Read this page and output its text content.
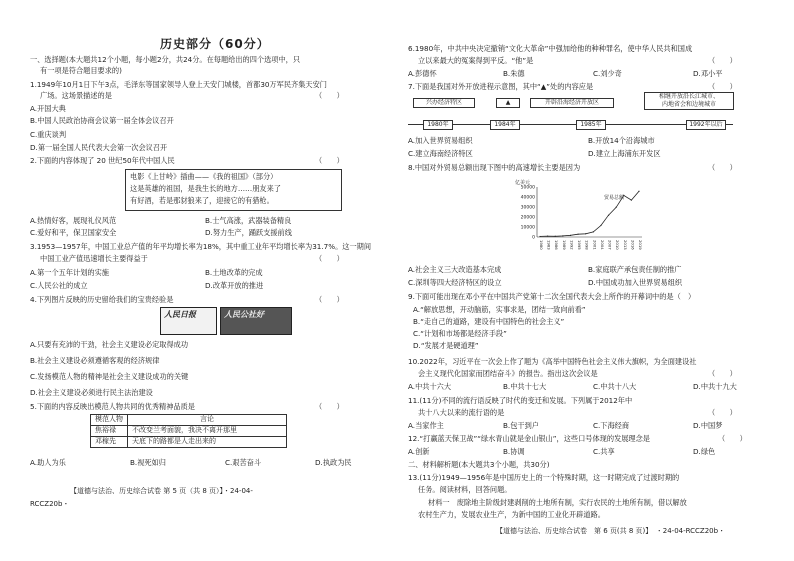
历史部分（60分）
一、选择题(本大题共12个小题，每小题2分，共24分。在每题给出的四个选项中，只
有一项是符合题目要求的)
1.1949年10月1日下午3点，毛泽东等国家领导人登上天安门城楼，首都30万军民齐集天安门
广场。这场景描述的是	（　　）
A.开国大典
B.中国人民政治协商会议第一届全体会议召开
C.重庆谈判
D.第一届全国人民代表大会第一次会议召开
2.下面的内容体现了 20 世纪50年代中国人民	（　　）
电影《上甘岭》插曲——《我的祖国》（部分）
这是英雄的祖国，是我生长的地方……朋友来了
有好酒，若是那豺狼来了，迎接它的有猎枪。
A.热情好客，展现礼仪风范	B.士气高涨，武器装备精良
C.爱好和平，保卫国家安全	D.努力生产，踊跃支援前线
3.1953—1957年，中国工业总产值的年平均增长率为18%，其中重工业年平均增长率为31.7%。这一期间
中国工业产值迅速增长主要得益于	（　　）
A.第一个五年计划的实施	B.土地改革的完成
C.人民公社的成立	D.改革开放的推进
4.下列图片反映的历史留给我们的宝贵经验是	（　　）
人民日报	人民公社好
A.只要有充沛的干劲，社会主义建设必定取得成功
B.社会主义建设必须遵循客观的经济规律
C.发扬模范人物的精神是社会主义建设成功的关键
D.社会主义建设必须进行民主法治建设
5.下面的内容反映出模范人物共同的优秀精神品质是	（　　）
模范人物	言论
焦裕禄	不改变兰考面貌，我决不离开那里
邓稼先	天底下的路都是人走出来的
A.助人为乐	B.视死如归	C.艰苦奋斗	D.执政为民
【道德与法治、历史综合试卷 第 5 页（共 8 页）】・24-04-
RCCZ20b・
6.1980年，中共中央决定撤销“文化大革命”中强加给他的种种罪名，使中华人民共和国成
立以来最大的冤案得到平反。“他”是	（　　）
A.彭德怀	B.朱德	C.刘少奇	D.邓小平
7.下面是我国对外开放进程示意图，其中“▲”处的内容应是	（　　）
兴办经济特区	▲	开辟沿海经济开放区
相继开放沿长江城市、
内地省会和边境城市
1980年	1984年	1985年	1992年以后
A.加入世界贸易组织	B.开放14个沿海城市
C.建立海南经济特区	D.建立上海浦东开发区
8.中国对外贸易总额出现下图中的高速增长主要是因为	（　　）
亿美元
0
10000
20000
30000
40000
50000
1980 1983 1986 1989 1992 1995 1998 2001 2004 2007 2010 2013 2016 2019
贸易总额
A.社会主义三大改造基本完成	B.家庭联产承包责任制的推广
C.深圳等四大经济特区的设立	D.中国成功加入世界贸易组织
9.下面可能出现在邓小平在中国共产党第十二次全国代表大会上所作的开幕词中的是（　）
A.“解放思想，开动脑筋，实事求是，团结一致向前看”
B.“走自己的道路，建设有中国特色的社会主义”
C.“计划和市场都是经济手段”
D.“发展才是硬道理”
10.2022年，习近平在一次会上作了题为《高举中国特色社会主义伟大旗帜，为全面建设社
会主义现代化国家而团结奋斗》的报告。指出这次会议是	（　　）
A.中共十六大	B.中共十七大	C.中共十八大	D.中共十九大
11.(11分)不同的流行语反映了时代的变迁和发展。下列属于2012年中
共十八大以来的流行语的是	（　　）
A.当家作主	B.包干到户	C.下海经商	D.中国梦
12.“打赢蓝天保卫战”“绿水青山就是金山银山”，这些口号体现的发展理念是	（　　）
A.创新	B.协调	C.共享	D.绿色
二、材料解析题(本大题共3个小题，共30分)
13.(11分)1949—1956年是中国历史上的一个特殊时期，这一时期完成了过渡时期的
任务。阅读材料，回答问题。
材料一　废除地主阶级封建剥削的土地所有制，实行农民的土地所有制，借以解放
农村生产力，发展农业生产，为新中国的工业化开辟道路。
【道德与法治、历史综合试卷　第 6 页(共 8 页)】　・24-04-RCCZ20b・
